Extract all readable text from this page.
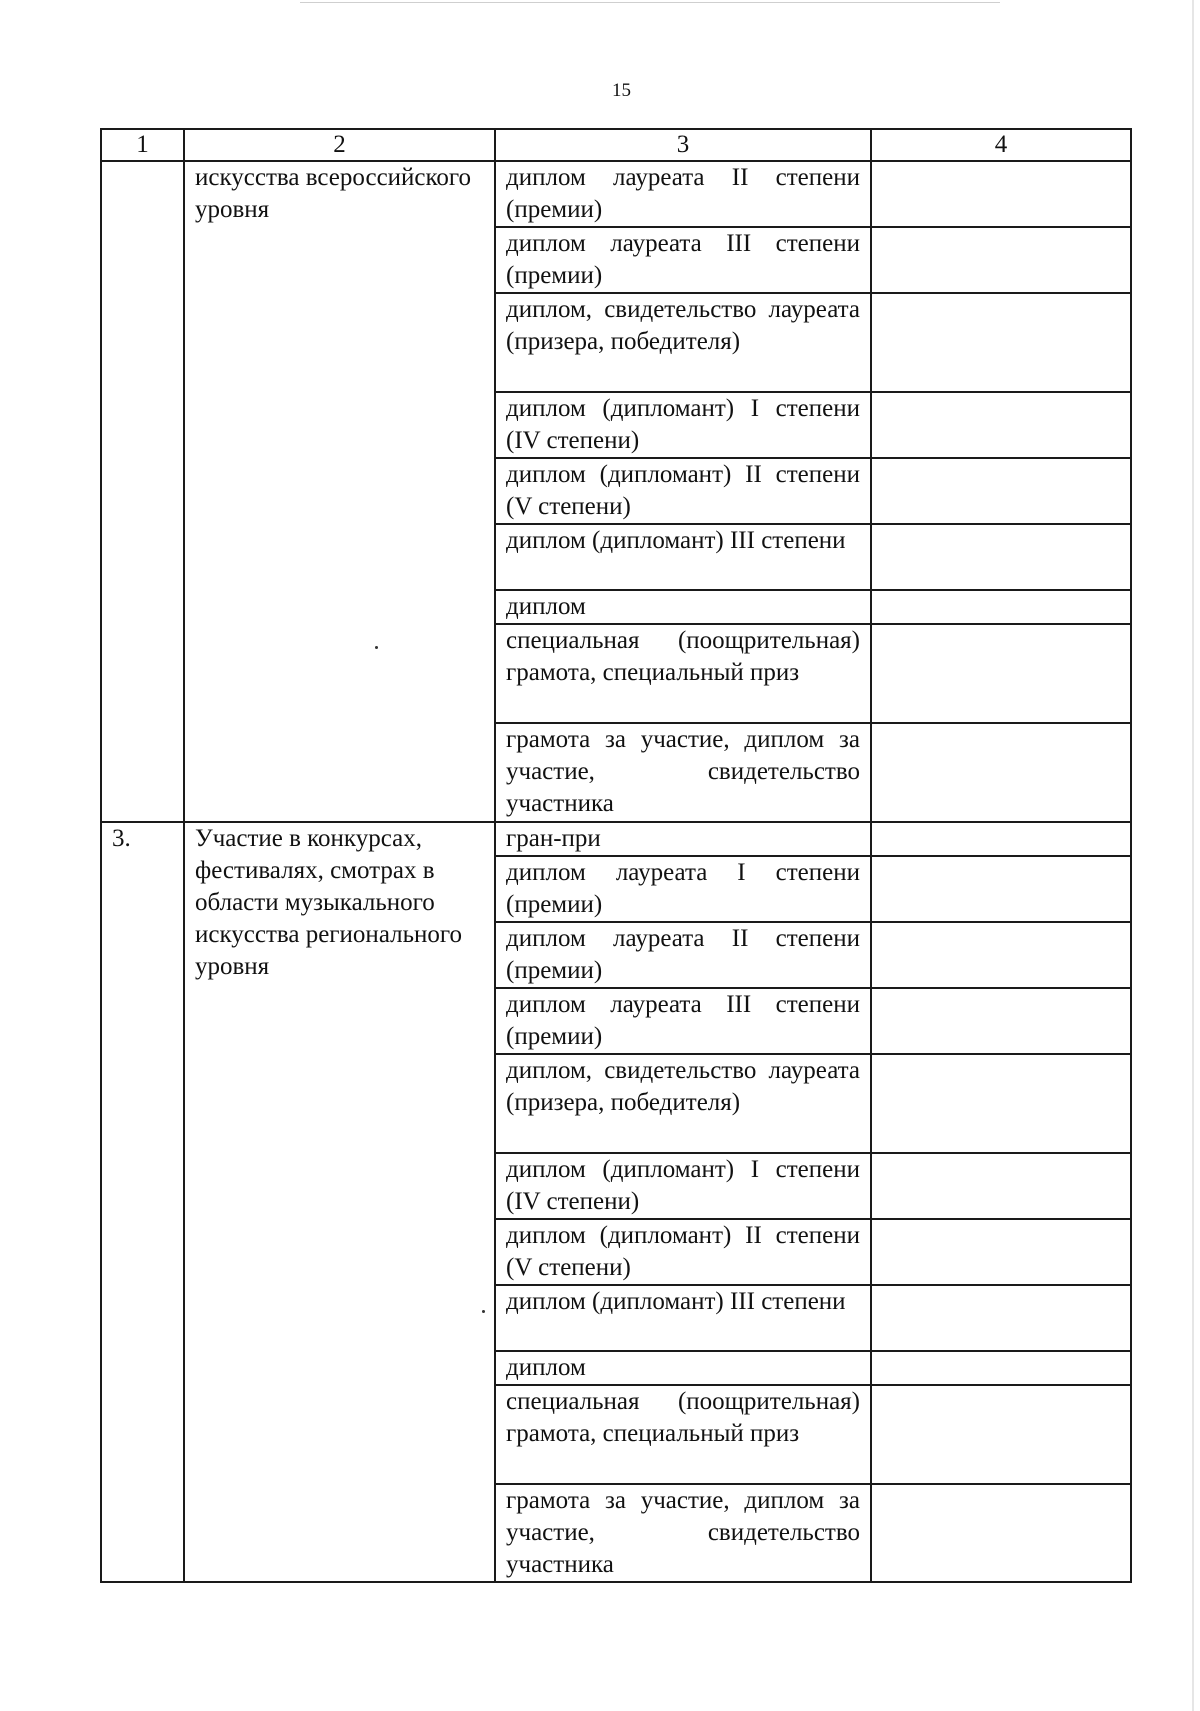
15
1	2	3	4
	искусства всероссийского уровня	диплом лауреата II степени (премии)	
		диплом лауреата III степени (премии)	
		диплом, свидетельство лауреата (призера, победителя)	
		диплом (дипломант) I степени (IV степени)	
		диплом (дипломант) II степени (V степени)	
		диплом (дипломант) III степени	
		диплом	
		специальная (поощрительная) грамота, специальный приз	
		грамота за участие, диплом за участие, свидетельство участника	
3.	Участие в конкурсах, фестивалях, смотрах в области музыкального искусства регионального уровня	гран-при	
		диплом лауреата I степени (премии)	
		диплом лауреата II степени (премии)	
		диплом лауреата III степени (премии)	
		диплом, свидетельство лауреата (призера, победителя)	
		диплом (дипломант) I степени (IV степени)	
		диплом (дипломант) II степени (V степени)	
		диплом (дипломант) III степени	
		диплом	
		специальная (поощрительная) грамота, специальный приз	
		грамота за участие, диплом за участие, свидетельство участника	
